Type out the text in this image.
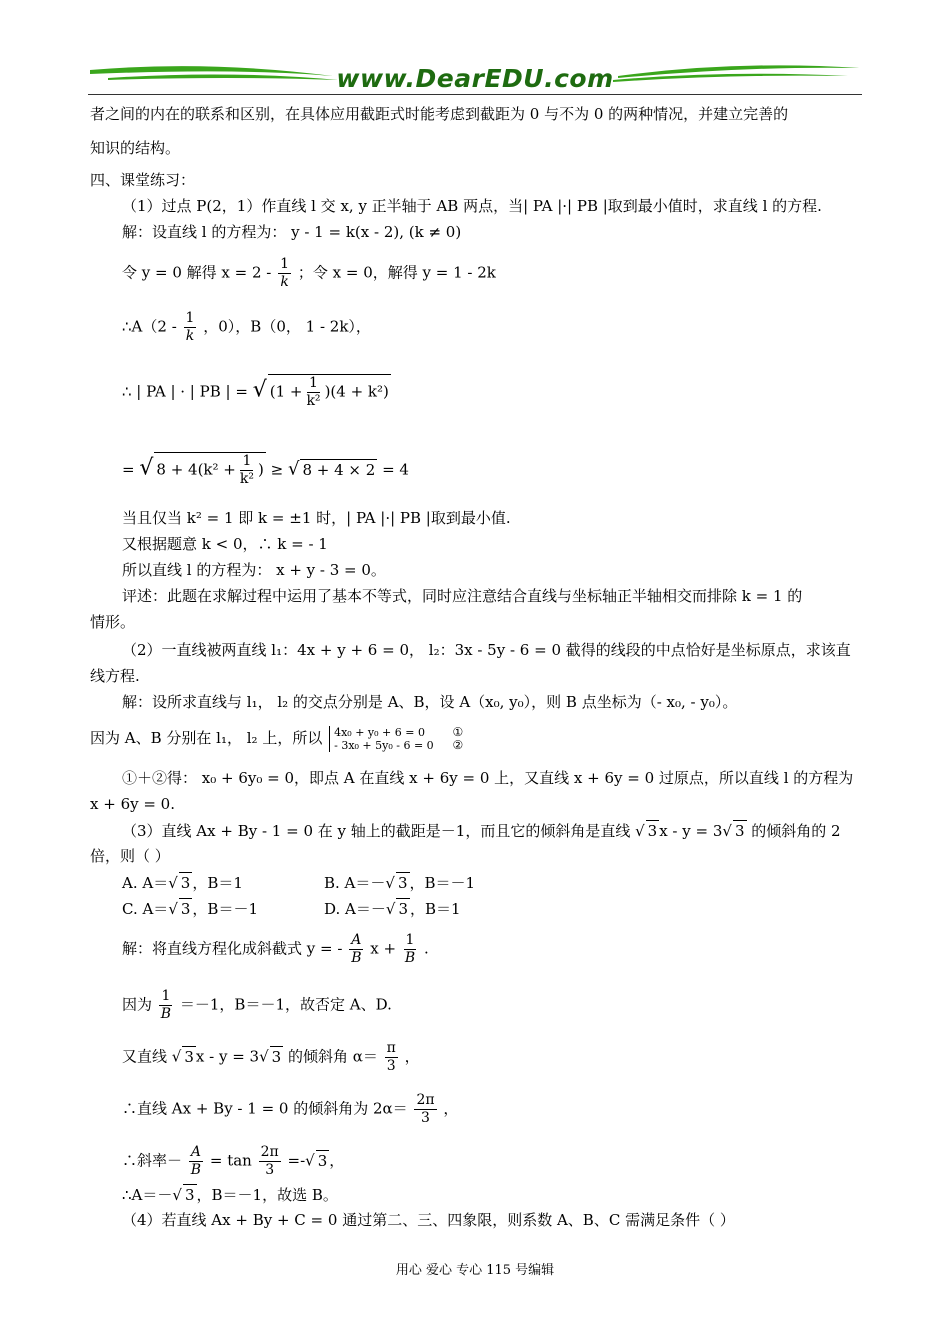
www.DearEDU.com
者之间的内在的联系和区别，在具体应用截距式时能考虑到截距为 0 与不为 0 的两种情况，并建立完善的
知识的结构。
四、课堂练习：
（1）过点 P(2，1）作直线 l 交 x, y 正半轴于 AB 两点，当| PA |·| PB |取到最小值时，求直线 l 的方程.
解：设直线 l 的方程为： y - 1 = k(x - 2), (k ≠ 0)
令 y = 0 解得 $x = 2 - \frac{1}{k}$ ；令 x = 0，解得 y = 1 - 2k
∴A（2 - $\frac{1}{k}$ ，0），B（0， 1 - 2k），
∴ | PA | · | PB | = √ $(1 + \frac{1}{\text{k²}} )(4 + k^2)$
= √ $8 + 4(k^2 + \frac{1}{\text{k²}}$ ) ≥ √ 8 + 4 × 2 = 4
当且仅当 k² = 1 即 k = ±1 时，| PA |·| PB |取到最小值.
又根据题意 k < 0，∴ k = - 1
所以直线 l 的方程为： x + y - 3 = 0。
评述：此题在求解过程中运用了基本不等式，同时应注意结合直线与坐标轴正半轴相交而排除 k = 1 的
情形。
（2）一直线被两直线 l₁：4x + y + 6 = 0， l₂：3x - 5y - 6 = 0 截得的线段的中点恰好是坐标原点，求该直
线方程.
解：设所求直线与 l₁， l₂ 的交点分别是 A、B，设 A（x₀, y₀），则 B 点坐标为（- x₀, - y₀）。
因为 A、B 分别在 l₁， l₂ 上，所以 4x₀ + y₀ + 6 = 0
- 3x₀ + 5y₀ - 6 = 0

①
②
①＋②得： x₀ + 6y₀ = 0，即点 A 在直线 x + 6y = 0 上，又直线 x + 6y = 0 过原点，所以直线 l 的方程为
x + 6y = 0.
（3）直线 Ax + By - 1 = 0 在 y 轴上的截距是－1，而且它的倾斜角是直线 √ 3 x - y = 3√ 3 的倾斜角的 2
倍，则（ ）
A. A＝√ 3 ，B＝1	B. A＝－√ 3 ，B＝－1
C. A＝√ 3 ，B＝－1	D. A＝－√ 3 ，B＝1
解：将直线方程化成斜截式 y = - $\frac{A}{B}$ $x + \frac{1}{B}$ .
因为 $\frac{1}{B} =-1$，B＝－1，故否定 A、D.
又直线 √ 3 x - y = 3√ 3 的倾斜角 $\alpha= \frac{\pi}{3}$ ，
∴直线 Ax + By - 1 = 0 的倾斜角为 $2\alpha= \frac{2\pi}{3}$ ，
∴斜率－ $\frac{A}{B} = \tan \frac{2\pi}{3}$ =-√ 3 ，
∴A＝－√ 3 ，B＝－1，故选 B。
（4）若直线 Ax + By + C = 0 通过第二、三、四象限，则系数 A、B、C 需满足条件（ ）
用心 爱心 专心 115 号编辑
